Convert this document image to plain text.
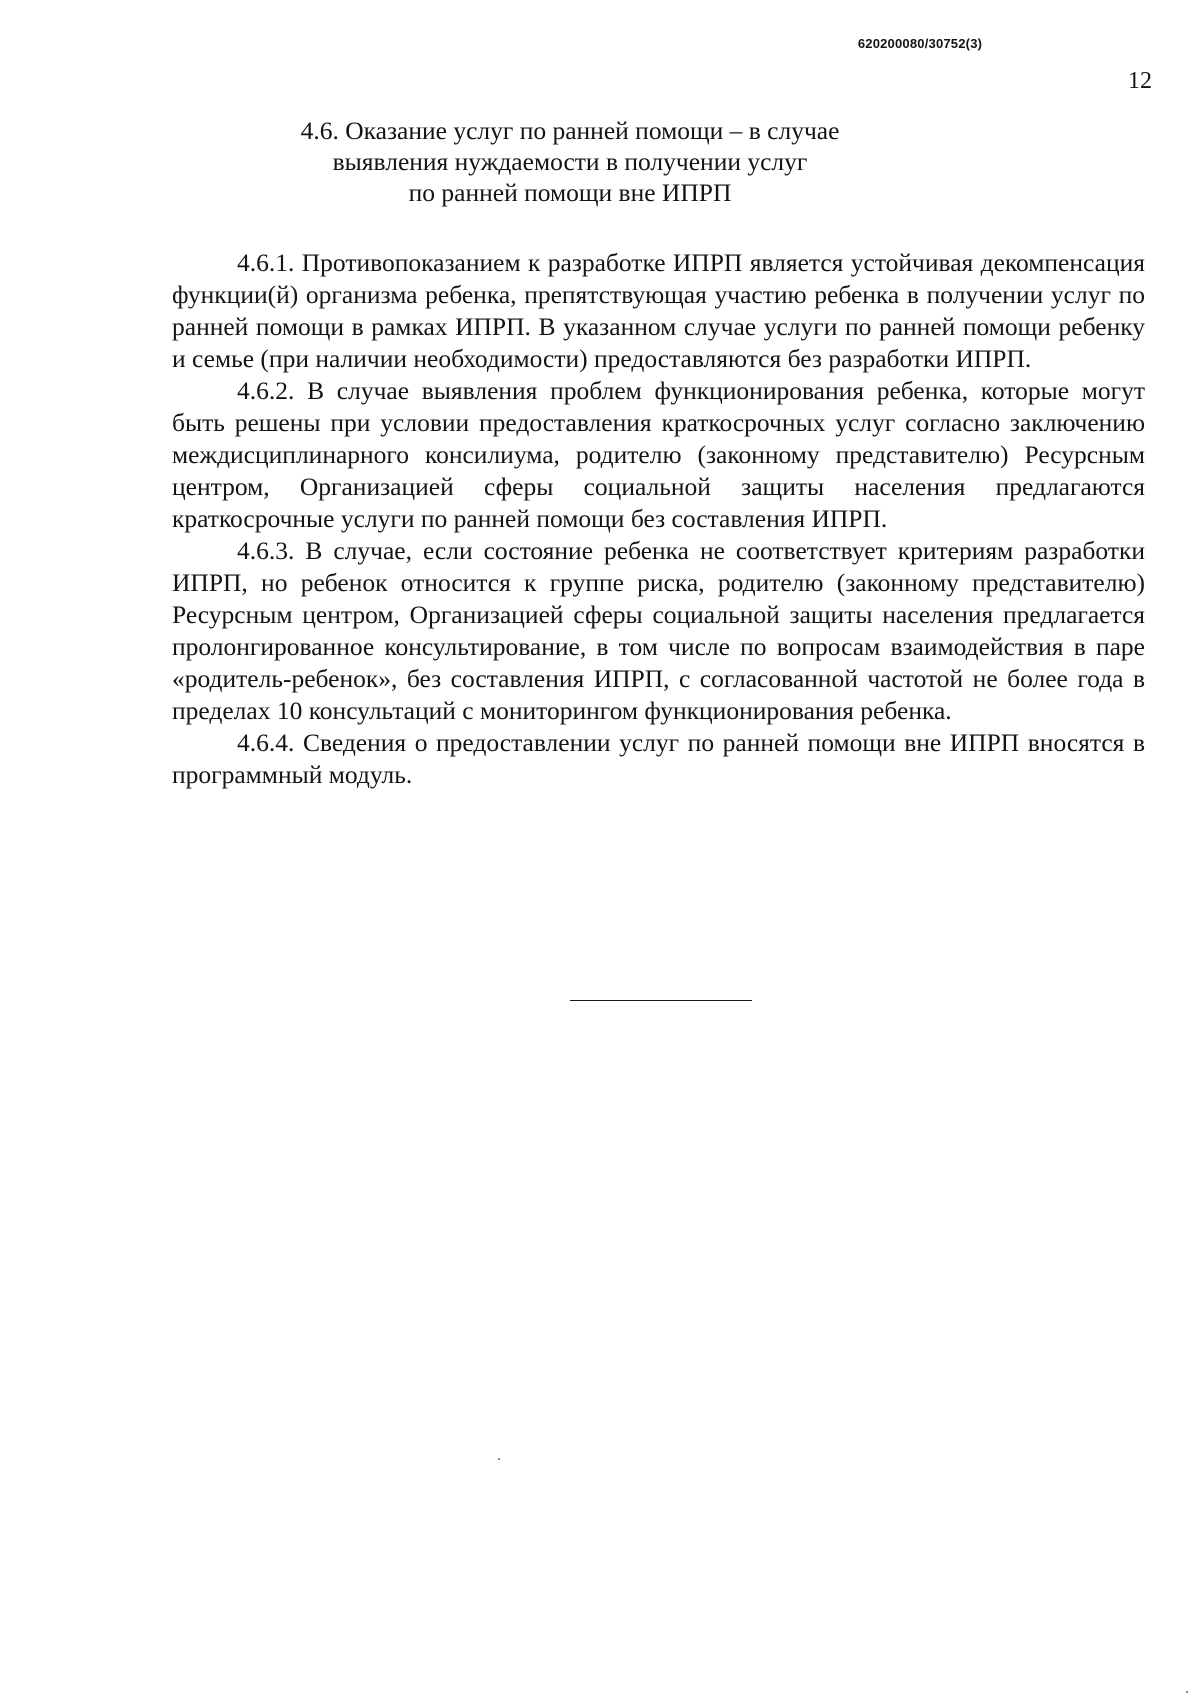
620200080/30752(3)
12
4.6. Оказание услуг по ранней помощи – в случае
выявления нуждаемости в получении услуг
по ранней помощи вне ИПРП

4.6.1. Противопоказанием к разработке ИПРП является устойчивая декомпенсация функции(й) организма ребенка, препятствующая участию ребенка в получении услуг по ранней помощи в рамках ИПРП. В указанном случае услуги по ранней помощи ребенку и семье (при наличии необходимости) предоставляются без разработки ИПРП.

4.6.2. В случае выявления проблем функционирования ребенка, которые могут быть решены при условии предоставления краткосрочных услуг согласно заключению междисциплинарного консилиума, родителю (законному представителю) Ресурсным центром, Организацией сферы социальной защиты населения предлагаются краткосрочные услуги по ранней помощи без составления ИПРП.

4.6.3. В случае, если состояние ребенка не соответствует критериям разработки ИПРП, но ребенок относится к группе риска, родителю (законному представителю) Ресурсным центром, Организацией сферы социальной защиты населения предлагается пролонгированное консультирование, в том числе по вопросам взаимодействия в паре «родитель-ребенок», без составления ИПРП, с согласованной частотой не более года в пределах 10 консультаций с мониторингом функционирования ребенка.

4.6.4. Сведения о предоставлении услуг по ранней помощи вне ИПРП вносятся в программный модуль.
